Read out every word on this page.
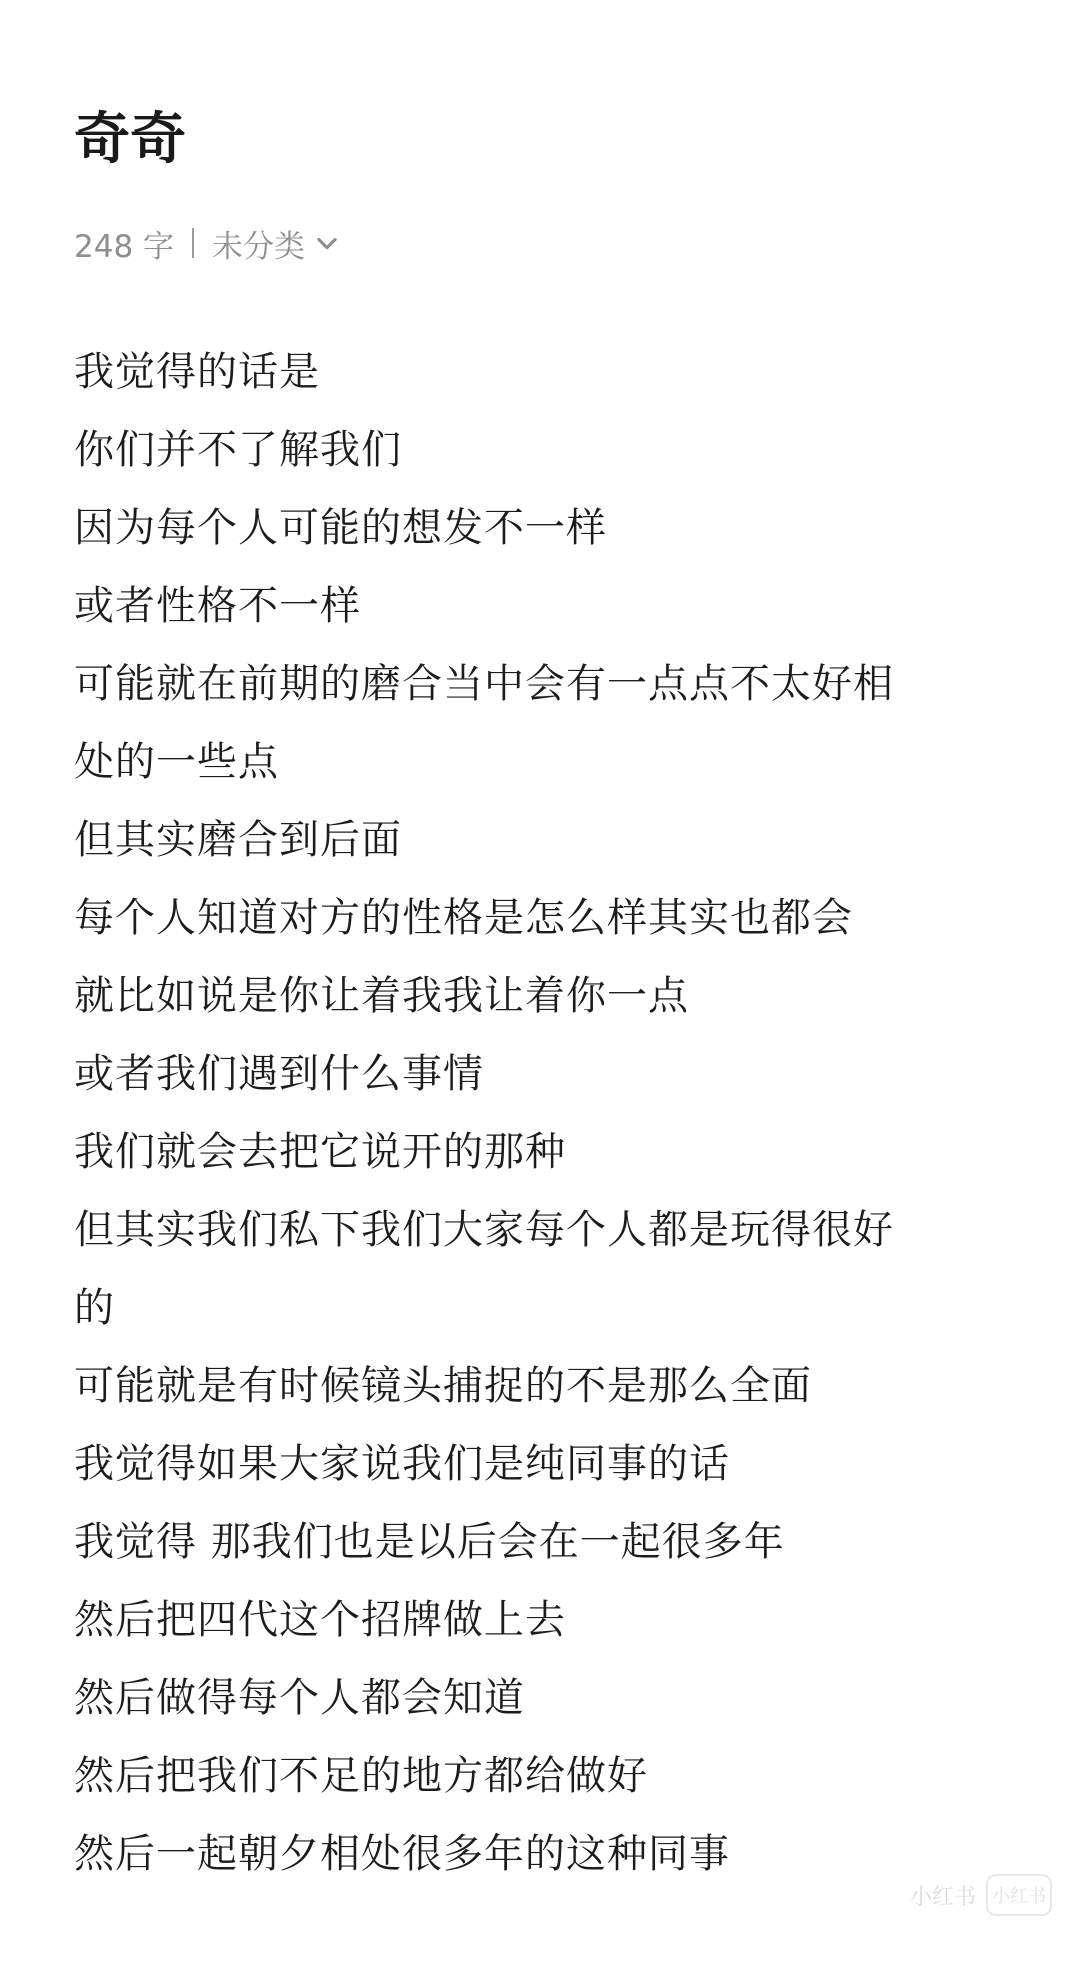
奇奇
248 字 未分类
我觉得的话是
你们并不了解我们
因为每个人可能的想发不一样
或者性格不一样
可能就在前期的磨合当中会有一点点不太好相
处的一些点
但其实磨合到后面
每个人知道对方的性格是怎么样其实也都会
就比如说是你让着我我让着你一点
或者我们遇到什么事情
我们就会去把它说开的那种
但其实我们私下我们大家每个人都是玩得很好
的
可能就是有时候镜头捕捉的不是那么全面
我觉得如果大家说我们是纯同事的话
我觉得 那我们也是以后会在一起很多年
然后把四代这个招牌做上去
然后做得每个人都会知道
然后把我们不足的地方都给做好
然后一起朝夕相处很多年的这种同事
小红书 小红书
